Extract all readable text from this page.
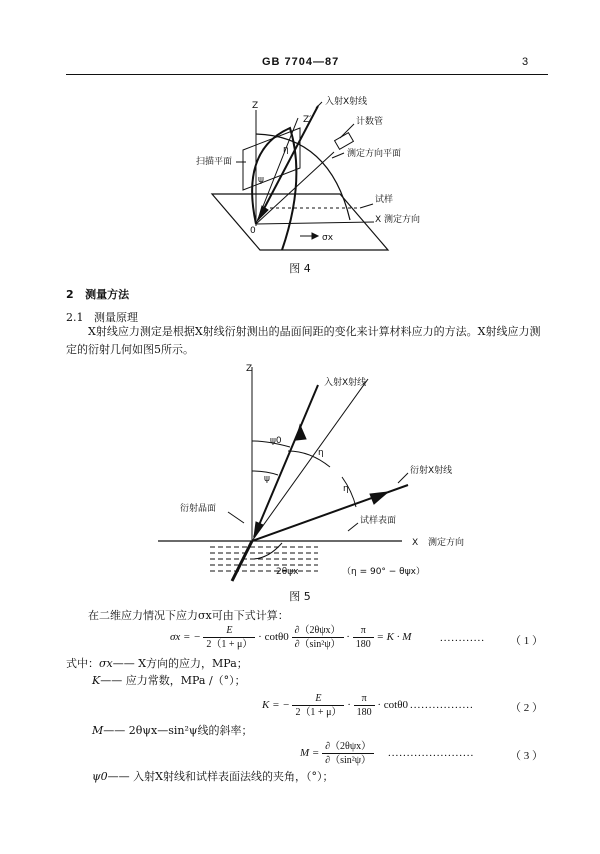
GB 7704—87	3
入射X射线
Z
Z′	计数管
扫描平面
测定方向平面
η
ψ
试样
X 测定方向
0
σx
图 4
2 测量方法
2.1 测量原理
X射线应力测定是根据X射线衍射测出的晶面间距的变化来计算材料应力的方法。X射线应力测定的衍射几何如图5所示。
Z
入射X射线
ψ0
ψ
η
η
衍射X射线
衍射晶面
试样表面
X 测定方向
2θψx	（η = 90° − θψx）
图 5
在二维应力情况下应力σx可由下式计算：
σx = − $\frac{E}{2(1 + \mu)} \cdot \cot\theta 0 \frac{\text{∂（2θψx）}}{\text{∂（sin²ψ）}} \cdot \frac{\pi}{180} = K \cdot M$	............ （ 1 ）
式中：σx—— X方向的应力，MPa；
K—— 应力常数，MPa /（°）；
K = − $\frac{E}{2(1 + \mu)} \cdot \frac{\pi}{180} \cdot \cot\theta 0$ .................	（ 2 ）
M—— 2θψx—sin²ψ线的斜率；
$M = \frac{\text{∂（2θψx）}}{\text{∂（sin²ψ）}}$ .......................	（ 3 ）
ψ0—— 入射X射线和试样表面法线的夹角，（°）；
